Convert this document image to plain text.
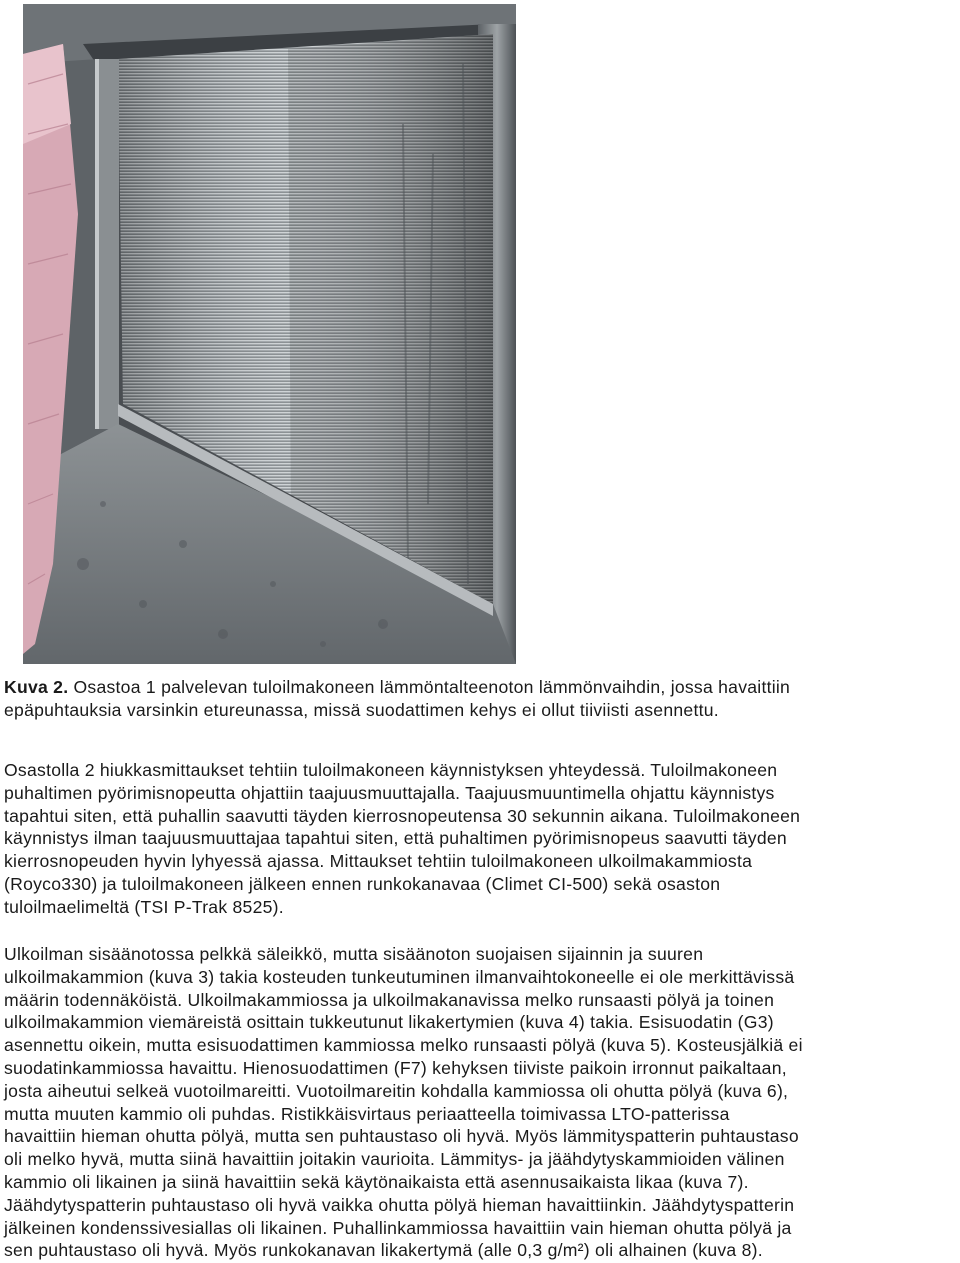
Kuva 2. Osastoa 1 palvelevan tuloilmakoneen lämmöntalteenoton lämmönvaihdin, jossa havaittiin
epäpuhtauksia varsinkin etureunassa, missä suodattimen kehys ei ollut tiiviisti asennettu.
Osastolla 2 hiukkasmittaukset tehtiin tuloilmakoneen käynnistyksen yhteydessä. Tuloilmakoneen
puhaltimen pyörimisnopeutta ohjattiin taajuusmuuttajalla. Taajuusmuuntimella ohjattu käynnistys
tapahtui siten, että puhallin saavutti täyden kierrosnopeutensa 30 sekunnin aikana. Tuloilmakoneen
käynnistys ilman taajuusmuuttajaa tapahtui siten, että puhaltimen pyörimisnopeus saavutti täyden
kierrosnopeuden hyvin lyhyessä ajassa. Mittaukset tehtiin tuloilmakoneen ulkoilmakammiosta
(Royco330) ja tuloilmakoneen jälkeen ennen runkokanavaa (Climet CI-500) sekä osaston
tuloilmaelimeltä (TSI P-Trak 8525).
Ulkoilman sisäänotossa pelkkä säleikkö, mutta sisäänoton suojaisen sijainnin ja suuren
ulkoilmakammion (kuva 3) takia kosteuden tunkeutuminen ilmanvaihtokoneelle ei ole merkittävissä
määrin todennäköistä. Ulkoilmakammiossa ja ulkoilmakanavissa melko runsaasti pölyä ja toinen
ulkoilmakammion viemäreistä osittain tukkeutunut likakertymien (kuva 4) takia. Esisuodatin (G3)
asennettu oikein, mutta esisuodattimen kammiossa melko runsaasti pölyä (kuva 5). Kosteusjälkiä ei
suodatinkammiossa havaittu. Hienosuodattimen (F7) kehyksen tiiviste paikoin irronnut paikaltaan,
josta aiheutui selkeä vuotoilmareitti. Vuotoilmareitin kohdalla kammiossa oli ohutta pölyä (kuva 6),
mutta muuten kammio oli puhdas. Ristikkäisvirtaus periaatteella toimivassa LTO-patterissa
havaittiin hieman ohutta pölyä, mutta sen puhtaustaso oli hyvä. Myös lämmityspatterin puhtaustaso
oli melko hyvä, mutta siinä havaittiin joitakin vaurioita. Lämmitys- ja jäähdytyskammioiden välinen
kammio oli likainen ja siinä havaittiin sekä käytönaikaista että asennusaikaista likaa (kuva 7).
Jäähdytyspatterin puhtaustaso oli hyvä vaikka ohutta pölyä hieman havaittiinkin. Jäähdytyspatterin
jälkeinen kondenssivesiallas oli likainen. Puhallinkammiossa havaittiin vain hieman ohutta pölyä ja
sen puhtaustaso oli hyvä. Myös runkokanavan likakertymä (alle 0,3 g/m²) oli alhainen (kuva 8).
